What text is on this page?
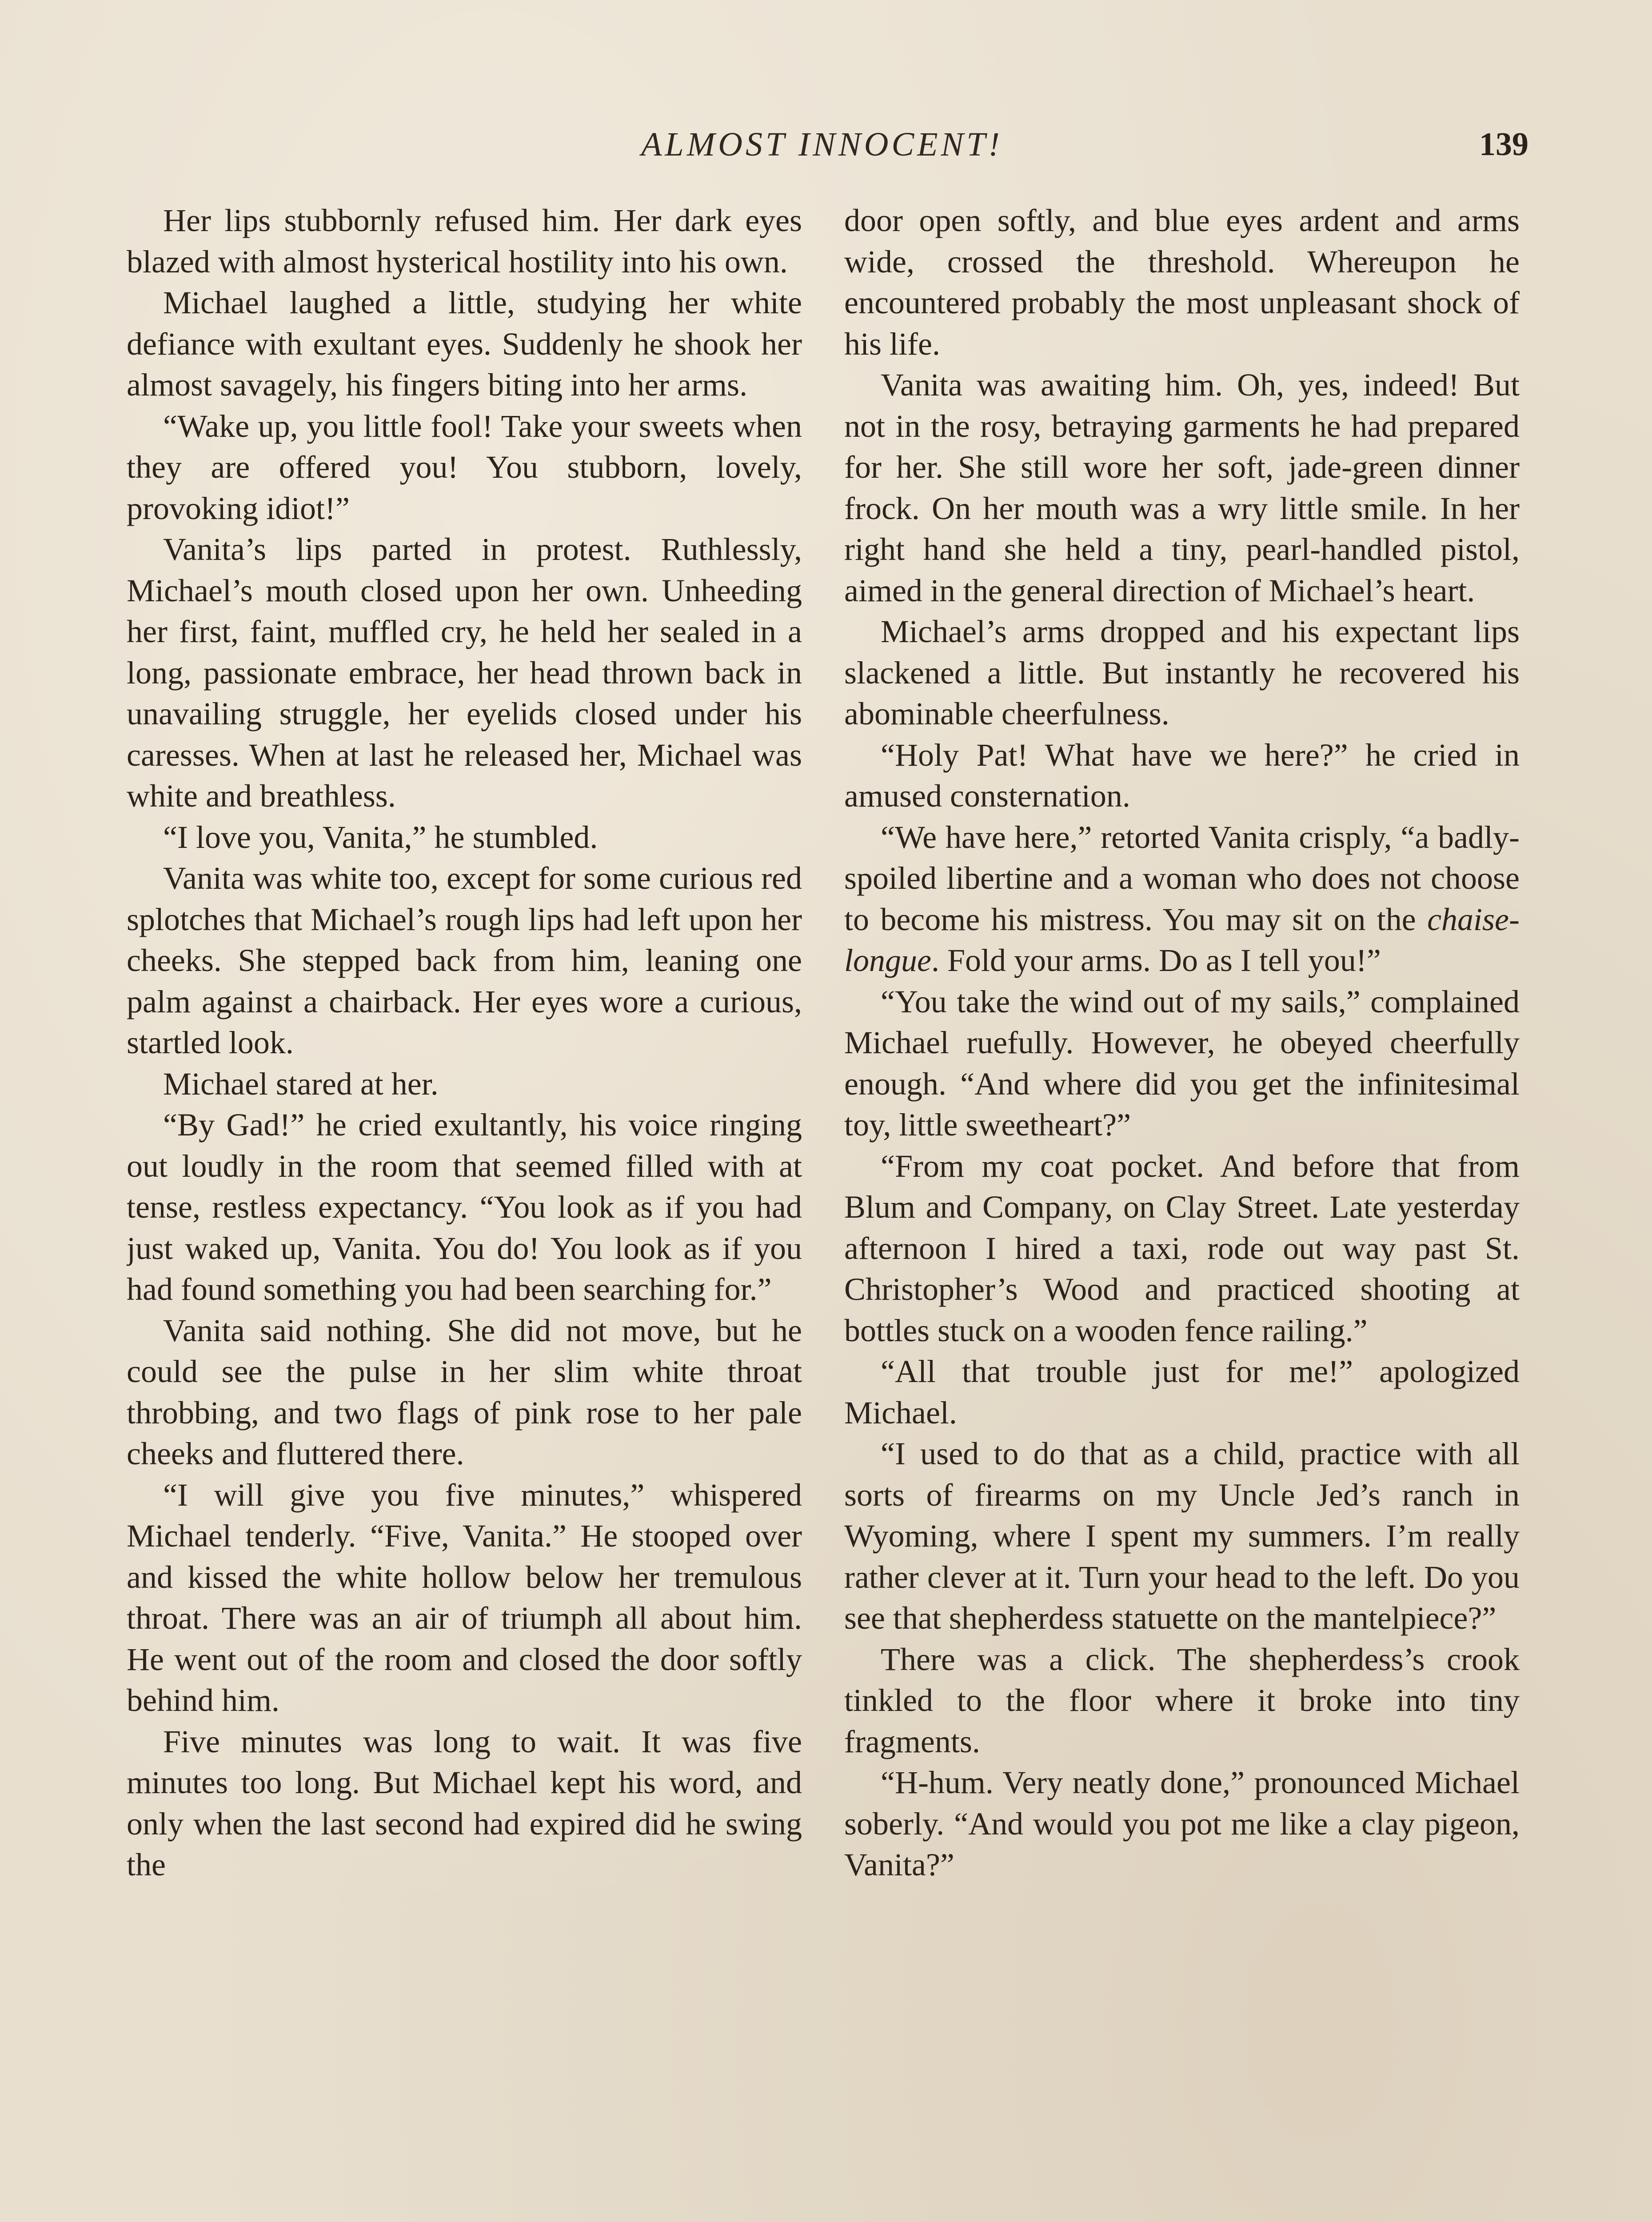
ALMOST INNOCENT!	139

Her lips stubbornly refused him. Her dark eyes blazed with almost hysterical hostility into his own.

Michael laughed a little, studying her white defiance with exultant eyes. Suddenly he shook her almost savagely, his fingers biting into her arms.

“Wake up, you little fool! Take your sweets when they are offered you! You stubborn, lovely, provoking idiot!”

Vanita’s lips parted in protest. Ruthlessly, Michael’s mouth closed upon her own. Unheeding her first, faint, muffled cry, he held her sealed in a long, passionate embrace, her head thrown back in unavailing struggle, her eyelids closed under his caresses. When at last he released her, Michael was white and breathless.

“I love you, Vanita,” he stumbled.

Vanita was white too, except for some curious red splotches that Michael’s rough lips had left upon her cheeks. She stepped back from him, leaning one palm against a chairback. Her eyes wore a curious, startled look.

Michael stared at her.

“By Gad!” he cried exultantly, his voice ringing out loudly in the room that seemed filled with at tense, restless expectancy. “You look as if you had just waked up, Vanita. You do! You look as if you had found something you had been searching for.”

Vanita said nothing. She did not move, but he could see the pulse in her slim white throat throbbing, and two flags of pink rose to her pale cheeks and fluttered there.

“I will give you five minutes,” whispered Michael tenderly. “Five, Vanita.” He stooped over and kissed the white hollow below her tremulous throat. There was an air of triumph all about him. He went out of the room and closed the door softly behind him.

Five minutes was long to wait. It was five minutes too long. But Michael kept his word, and only when the last second had expired did he swing the

door open softly, and blue eyes ardent and arms wide, crossed the threshold. Whereupon he encountered probably the most unpleasant shock of his life.

Vanita was awaiting him. Oh, yes, indeed! But not in the rosy, betraying garments he had prepared for her. She still wore her soft, jade-green dinner frock. On her mouth was a wry little smile. In her right hand she held a tiny, pearl-handled pistol, aimed in the general direction of Michael’s heart.

Michael’s arms dropped and his expectant lips slackened a little. But instantly he recovered his abominable cheerfulness.

“Holy Pat! What have we here?” he cried in amused consternation.

“We have here,” retorted Vanita crisply, “a badly-spoiled libertine and a woman who does not choose to become his mistress. You may sit on the chaise-longue. Fold your arms. Do as I tell you!”

“You take the wind out of my sails,” complained Michael ruefully. However, he obeyed cheerfully enough. “And where did you get the infinitesimal toy, little sweetheart?”

“From my coat pocket. And before that from Blum and Company, on Clay Street. Late yesterday afternoon I hired a taxi, rode out way past St. Christopher’s Wood and practiced shooting at bottles stuck on a wooden fence railing.”

“All that trouble just for me!” apologized Michael.

“I used to do that as a child, practice with all sorts of firearms on my Uncle Jed’s ranch in Wyoming, where I spent my summers. I’m really rather clever at it. Turn your head to the left. Do you see that shepherdess statuette on the mantelpiece?”

There was a click. The shepherdess’s crook tinkled to the floor where it broke into tiny fragments.

“H-hum. Very neatly done,” pronounced Michael soberly. “And would you pot me like a clay pigeon, Vanita?”
